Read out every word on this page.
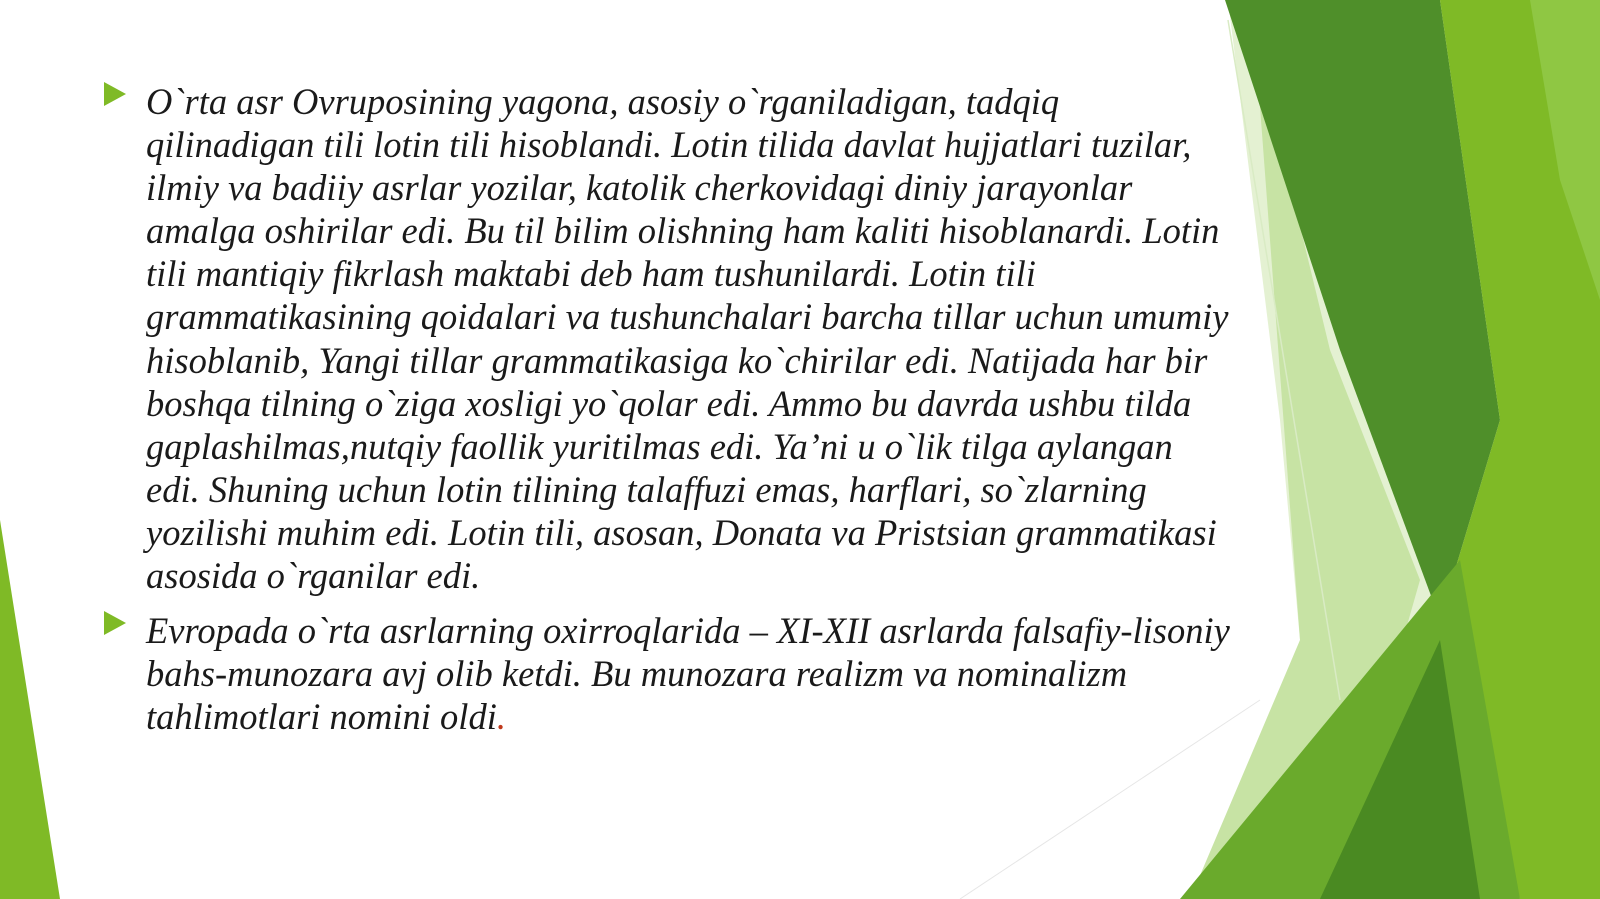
O`rta asr Ovruposining yagona, asosiy o`rganiladigan, tadqiq qilinadigan tili lotin tili hisoblandi. Lotin tilida davlat hujjatlari tuzilar, ilmiy va badiiy asrlar yozilar, katolik cherkovidagi diniy jarayonlar amalga oshirilar edi. Bu til bilim olishning ham kaliti hisoblanardi. Lotin tili mantiqiy fikrlash maktabi deb ham tushunilardi. Lotin tili grammatikasining qoidalari va tushunchalari barcha tillar uchun umumiy hisoblanib, Yangi tillar grammatikasiga ko`chirilar edi. Natijada har bir boshqa tilning o`ziga xosligi yo`qolar edi. Ammo bu davrda ushbu tilda gaplashilmas,nutqiy faollik yuritilmas edi. Ya’ni u o`lik tilga aylangan edi. Shuning uchun lotin tilining talaffuzi emas, harflari, so`zlarning yozilishi muhim edi. Lotin tili, asosan, Donata va Pristsian grammatikasi asosida o`rganilar edi.
Evropada o`rta asrlarning oxirroqlarida – XI-XII asrlarda falsafiy-lisoniy bahs-munozara avj olib ketdi. Bu munozara realizm va nominalizm tahlimotlari nomini oldi.
